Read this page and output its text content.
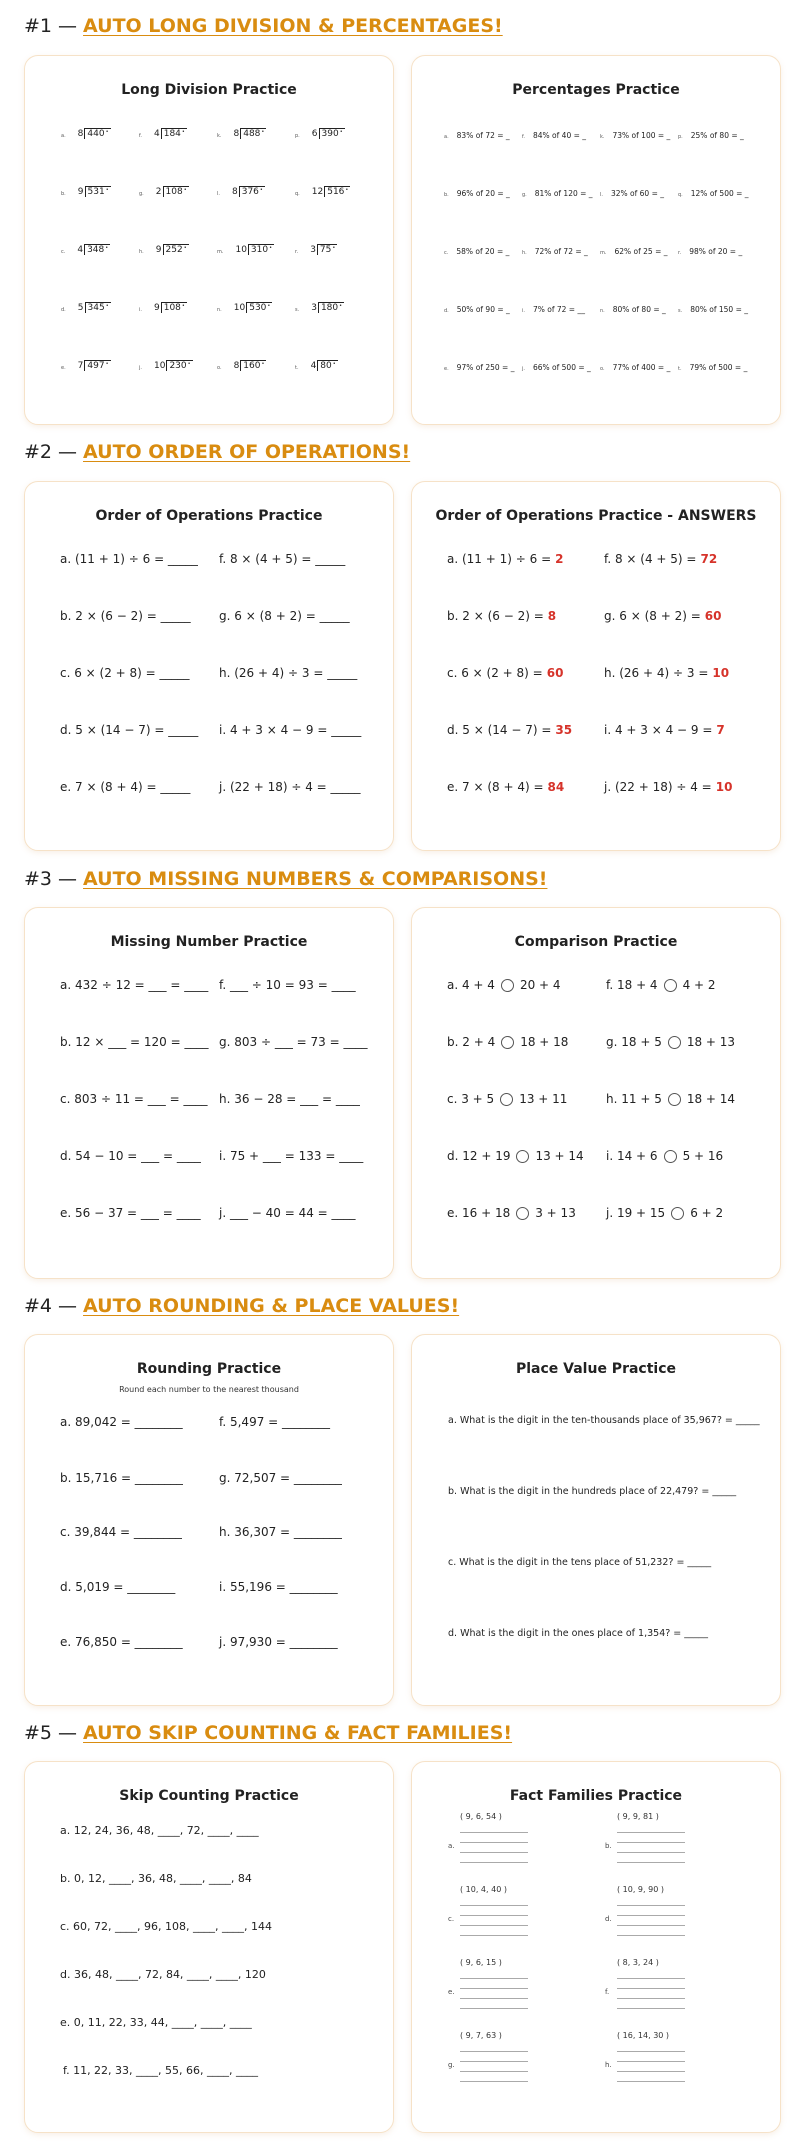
#1 — AUTO LONG DIVISION & PERCENTAGES!
Long Division Practice
a. 8 440 •	f. 4 184 •	k. 8 488 •	p. 6 390 •
b. 9 531 •	g. 2 108 •	l. 8 376 •	q. 12 516 •
c. 4 348 •	h. 9 252 •	m. 10 310 •	r. 3 75 •
d. 5 345 •	i. 9 108 •	n. 10 530 •	s. 3 180 •
e. 7 497 •	j. 10 230 •	o. 8 160 •	t. 4 80 •
Percentages Practice
a. 83% of 72 = _ f. 84% of 40 = _	k. 73% of 100 = _ p. 25% of 80 = _
b. 96% of 20 = _ g. 81% of 120 = _ l. 32% of 60 = _	q. 12% of 500 = _
c. 58% of 20 = _	h. 72% of 72 = _ m. 62% of 25 = _ r. 98% of 20 = _
d. 50% of 90 = _ i. 7% of 72 = __	n. 80% of 80 = _ s. 80% of 150 = _
e. 97% of 250 = _ j. 66% of 500 = _ o. 77% of 400 = _ t. 79% of 500 = _
#2 — AUTO ORDER OF OPERATIONS!
Order of Operations Practice
a. (11 + 1) ÷ 6 = _____ f. 8 × (4 + 5) = _____
b. 2 × (6 − 2) = _____ g. 6 × (8 + 2) = _____
c. 6 × (2 + 8) = _____ h. (26 + 4) ÷ 3 = _____
d. 5 × (14 − 7) = _____ i. 4 + 3 × 4 − 9 = _____
e. 7 × (8 + 4) = _____ j. (22 + 18) ÷ 4 = _____
Order of Operations Practice - ANSWERS
a. (11 + 1) ÷ 6 = 2	f. 8 × (4 + 5) = 72
b. 2 × (6 − 2) = 8	g. 6 × (8 + 2) = 60
c. 6 × (2 + 8) = 60	h. (26 + 4) ÷ 3 = 10
d. 5 × (14 − 7) = 35	i. 4 + 3 × 4 − 9 = 7
e. 7 × (8 + 4) = 84	j. (22 + 18) ÷ 4 = 10
#3 — AUTO MISSING NUMBERS & COMPARISONS!
Missing Number Practice
a. 432 ÷ 12 = ___ = ____ f. ___ ÷ 10 = 93 = ____
b. 12 × ___ = 120 = ____ g. 803 ÷ ___ = 73 = ____
c. 803 ÷ 11 = ___ = ____ h. 36 − 28 = ___ = ____
d. 54 − 10 = ___ = ____ i. 75 + ___ = 133 = ____
e. 56 − 37 = ___ = ____ j. ___ − 40 = 44 = ____
Comparison Practice
a. 4 + 4 20 + 4	f. 18 + 4 4 + 2
b. 2 + 4 18 + 18	g. 18 + 5 18 + 13
c. 3 + 5 13 + 11	h. 11 + 5 18 + 14
d. 12 + 19 13 + 14 i. 14 + 6 5 + 16
e. 16 + 18 3 + 13	j. 19 + 15 6 + 2
#4 — AUTO ROUNDING & PLACE VALUES!
Rounding Practice
Round each number to the nearest thousand
a. 89,042 = ________	f. 5,497 = ________
b. 15,716 = ________	g. 72,507 = ________
c. 39,844 = ________	h. 36,307 = ________
d. 5,019 = ________	i. 55,196 = ________
e. 76,850 = ________	j. 97,930 = ________
Place Value Practice
a. What is the digit in the ten-thousands place of 35,967? = _____
b. What is the digit in the hundreds place of 22,479? = _____
c. What is the digit in the tens place of 51,232? = _____
d. What is the digit in the ones place of 1,354? = _____
#5 — AUTO SKIP COUNTING & FACT FAMILIES!
Skip Counting Practice
a. 12, 24, 36, 48, ____, 72, ____, ____
b. 0, 12, ____, 36, 48, ____, ____, 84
c. 60, 72, ____, 96, 108, ____, ____, 144
d. 36, 48, ____, 72, 84, ____, ____, 120
e. 0, 11, 22, 33, 44, ____, ____, ____
f. 11, 22, 33, ____, 55, 66, ____, ____
Fact Families Practice
( 9, 6, 54 )
a.
( 9, 9, 81 )
b.
( 10, 4, 40 )
c.
( 10, 9, 90 )
d.
( 9, 6, 15 )
e.
( 8, 3, 24 )
f.
( 9, 7, 63 )
g.
( 16, 14, 30 )
h.
